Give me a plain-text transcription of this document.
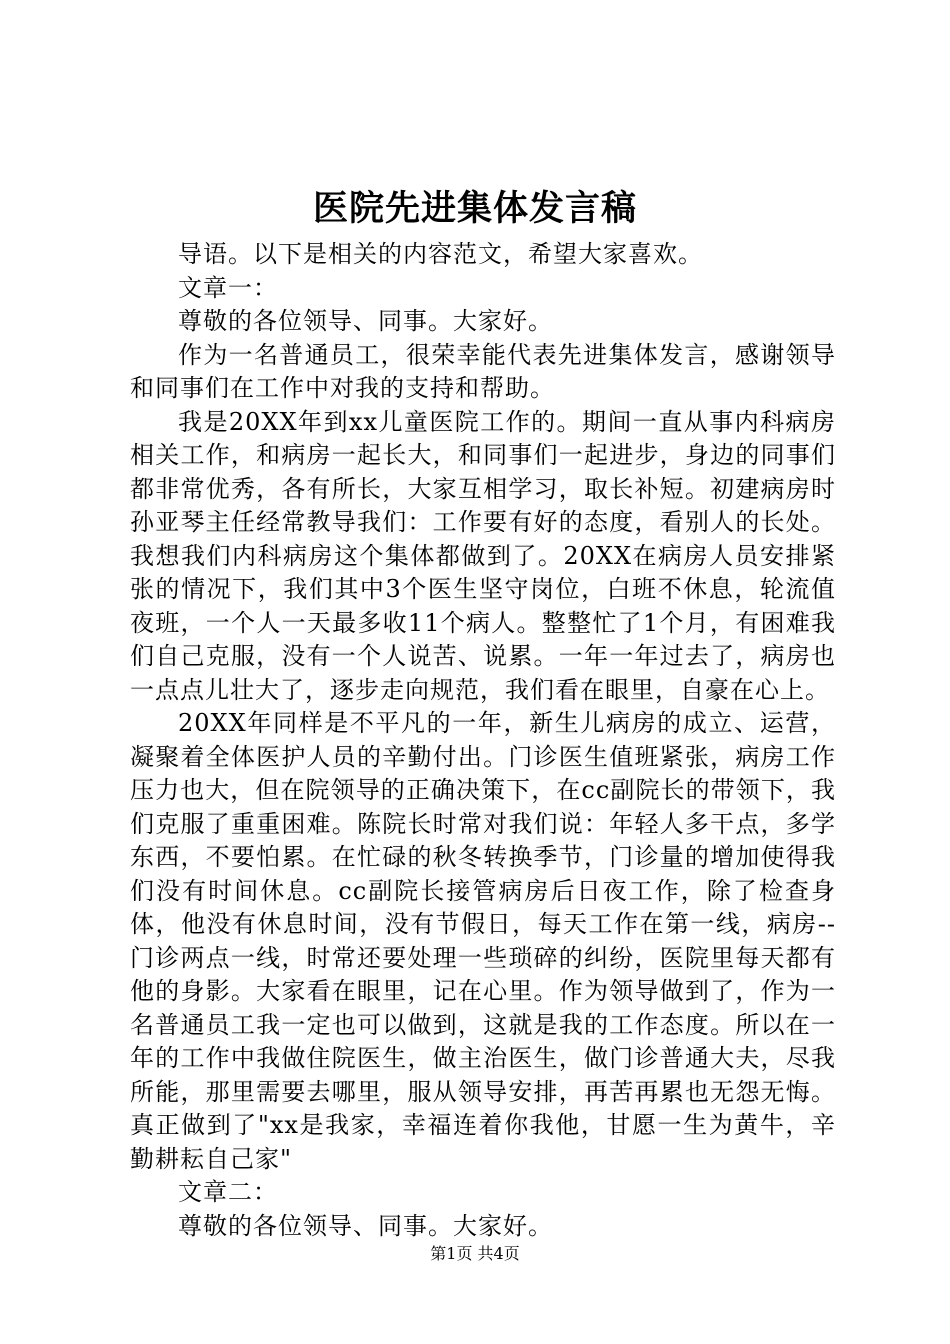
医院先进集体发言稿

导语。以下是相关的内容范文，希望大家喜欢。

文章一：

尊敬的各位领导、同事。大家好。

作为一名普通员工，很荣幸能代表先进集体发言，感谢领导和同事们在工作中对我的支持和帮助。

我是20XX年到xx儿童医院工作的。期间一直从事内科病房相关工作，和病房一起长大，和同事们一起进步，身边的同事们都非常优秀，各有所长，大家互相学习，取长补短。初建病房时孙亚琴主任经常教导我们：工作要有好的态度，看别人的长处。我想我们内科病房这个集体都做到了。20XX在病房人员安排紧张的情况下，我们其中3个医生坚守岗位，白班不休息，轮流值夜班，一个人一天最多收11个病人。整整忙了1个月，有困难我们自己克服，没有一个人说苦、说累。一年一年过去了，病房也一点点儿壮大了，逐步走向规范，我们看在眼里，自豪在心上。

20XX年同样是不平凡的一年，新生儿病房的成立、运营，凝聚着全体医护人员的辛勤付出。门诊医生值班紧张，病房工作压力也大，但在院领导的正确决策下，在cc副院长的带领下，我们克服了重重困难。陈院长时常对我们说：年轻人多干点，多学东西，不要怕累。在忙碌的秋冬转换季节，门诊量的增加使得我们没有时间休息。cc副院长接管病房后日夜工作，除了检查身体，他没有休息时间，没有节假日，每天工作在第一线，病房--门诊两点一线，时常还要处理一些琐碎的纠纷，医院里每天都有他的身影。大家看在眼里，记在心里。作为领导做到了，作为一名普通员工我一定也可以做到，这就是我的工作态度。所以在一年的工作中我做住院医生，做主治医生，做门诊普通大夫，尽我所能，那里需要去哪里，服从领导安排，再苦再累也无怨无悔。真正做到了"xx是我家，幸福连着你我他，甘愿一生为黄牛，辛勤耕耘自己家"

文章二：

尊敬的各位领导、同事。大家好。

第1页 共4页
